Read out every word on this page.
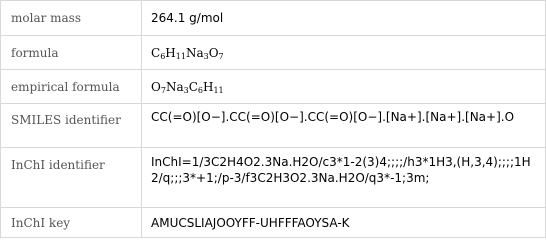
molar mass	264.1 g/mol
formula	$C_6H_{11}Na_3O_7$
empirical formula	$O_7Na_3C_6H_{11}$
SMILES identifier	CC(=O)[O−].CC(=O)[O−].CC(=O)[O−].[Na+].[Na+].[Na+].O
InChI identifier	InChI=1/3C2H4O2.3Na.H2O/c3*1-2(3)4;;;;/h3*1H3,(H,3,4);;;;1H2/q;;;3*+1;/p-3/f3C2H3O2.3Na.H2O/q3*-1;3m;
InChI key	AMUCSLIAJOOYFF-UHFFFAOYSA-K
